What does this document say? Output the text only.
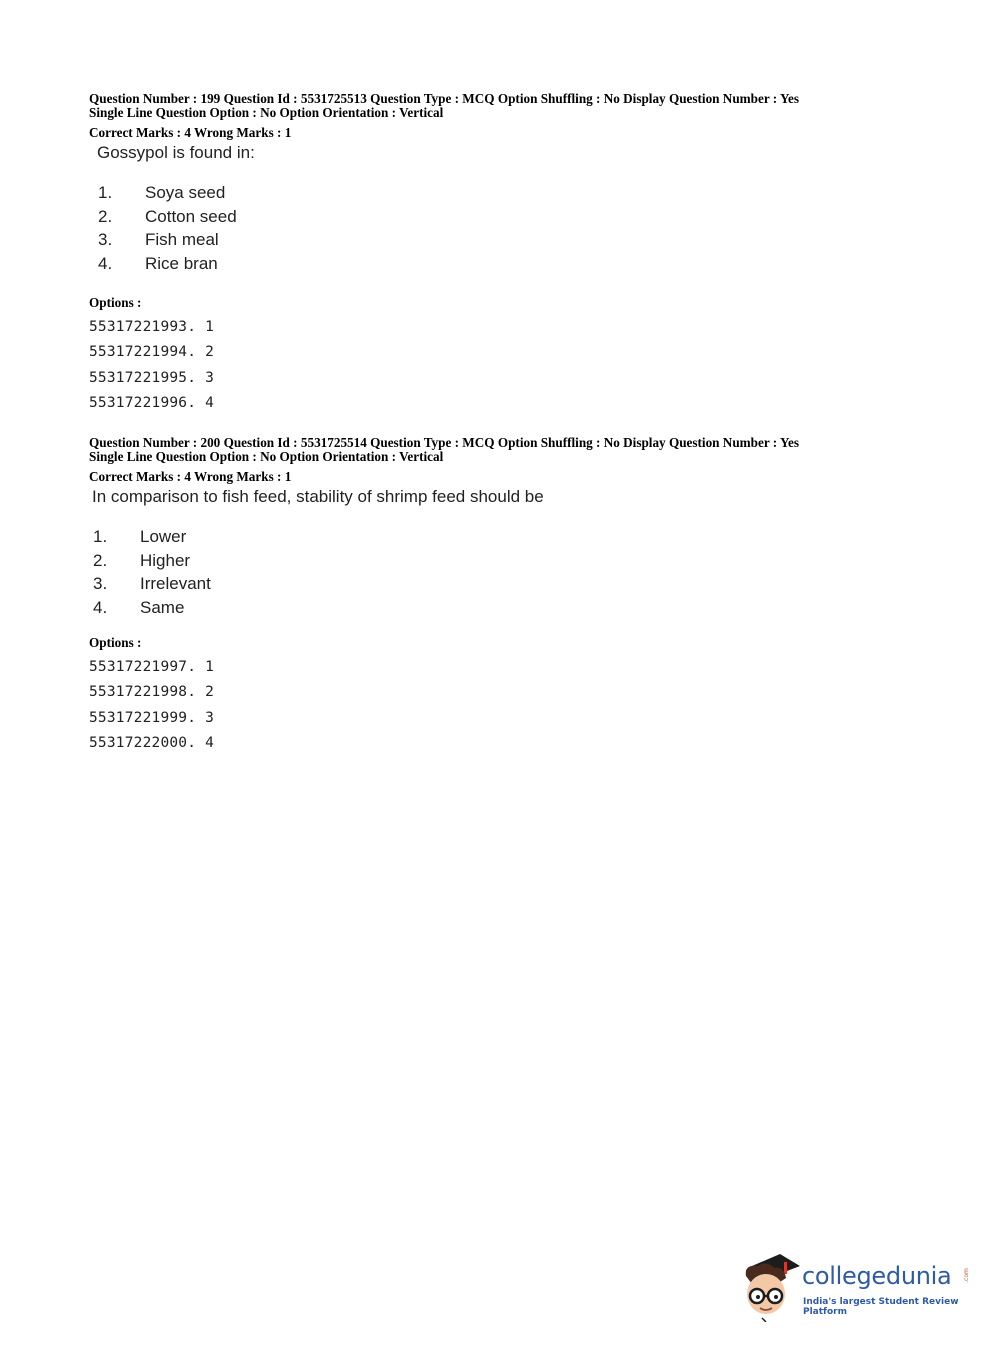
Question Number : 199 Question Id : 5531725513 Question Type : MCQ Option Shuffling : No Display Question Number : Yes
Single Line Question Option : No Option Orientation : Vertical
Correct Marks : 4 Wrong Marks : 1
Gossypol is found in:
1.	Soya seed
2.	Cotton seed
3.	Fish meal
4.	Rice bran
Options :
55317221993. 1
55317221994. 2
55317221995. 3
55317221996. 4
Question Number : 200 Question Id : 5531725514 Question Type : MCQ Option Shuffling : No Display Question Number : Yes
Single Line Question Option : No Option Orientation : Vertical
Correct Marks : 4 Wrong Marks : 1
In comparison to fish feed, stability of shrimp feed should be
1.	Lower
2.	Higher
3.	Irrelevant
4.	Same
Options :
55317221997. 1
55317221998. 2
55317221999. 3
55317222000. 4
collegedunia .com
India's largest Student Review Platform
